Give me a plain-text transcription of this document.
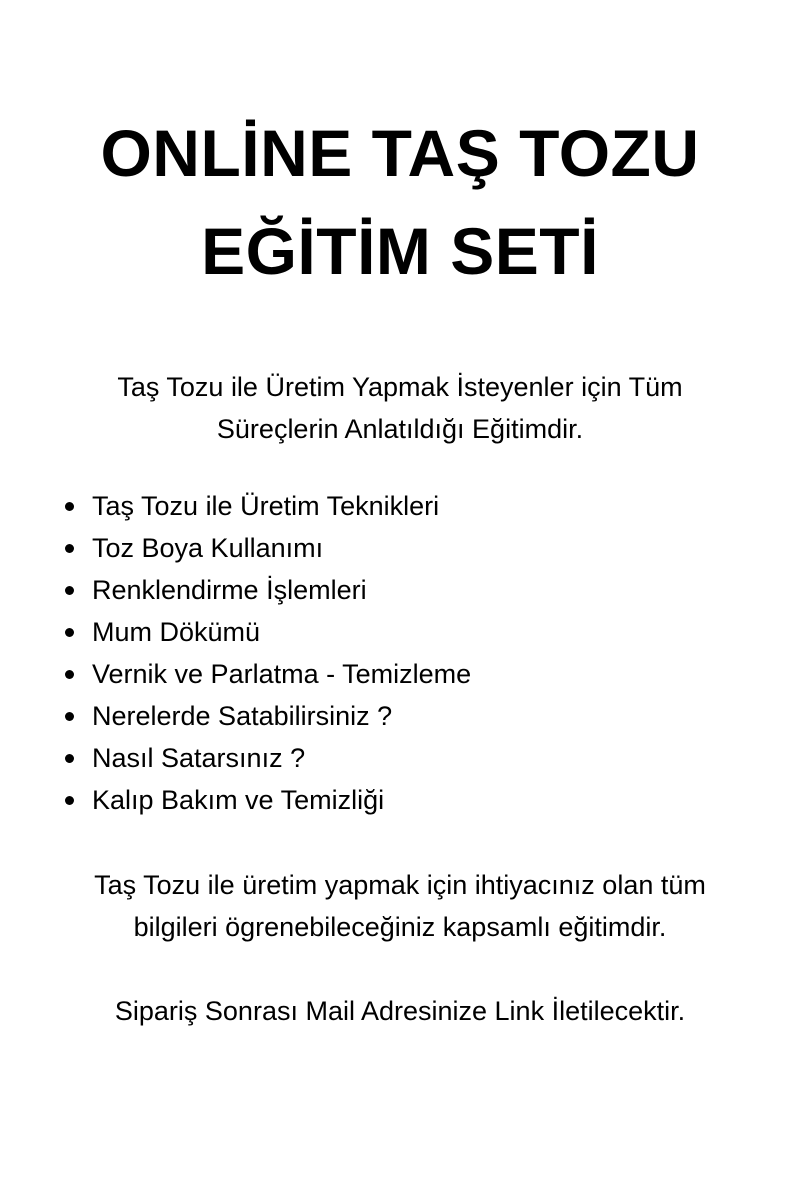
ONLİNE TAŞ TOZU
EĞİTİM SETİ

Taş Tozu ile Üretim Yapmak İsteyenler için Tüm
Süreçlerin Anlatıldığı Eğitimdir.

Taş Tozu ile Üretim Teknikleri
Toz Boya Kullanımı
Renklendirme İşlemleri
Mum Dökümü
Vernik ve Parlatma - Temizleme
Nerelerde Satabilirsiniz ?
Nasıl Satarsınız ?
Kalıp Bakım ve Temizliği

Taş Tozu ile üretim yapmak için ihtiyacınız olan tüm
bilgileri ögrenebileceğiniz kapsamlı eğitimdir.

Sipariş Sonrası Mail Adresinize Link İletilecektir.
